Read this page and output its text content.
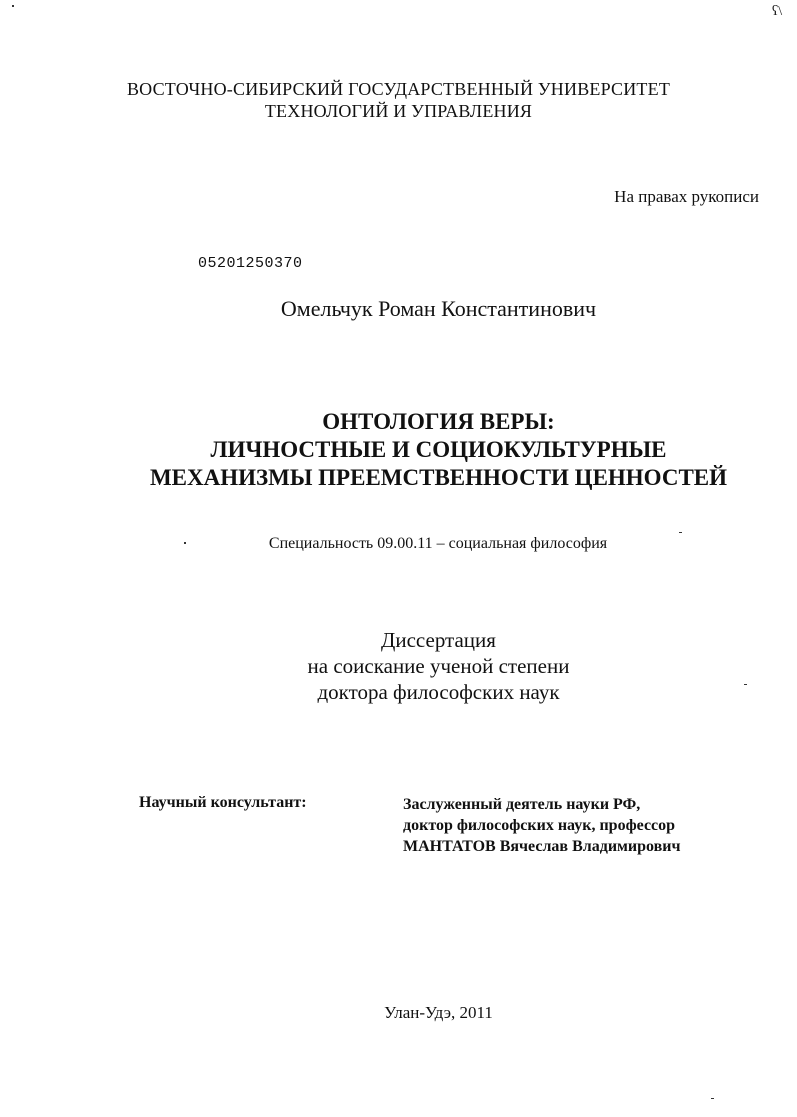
ʕ\
ВОСТОЧНО-СИБИРСКИЙ ГОСУДАРСТВЕННЫЙ УНИВЕРСИТЕТ
ТЕХНОЛОГИЙ И УПРАВЛЕНИЯ
На правах рукописи
05201250370
Омельчук Роман Константинович
ОНТОЛОГИЯ ВЕРЫ:
ЛИЧНОСТНЫЕ И СОЦИОКУЛЬТУРНЫЕ
МЕХАНИЗМЫ ПРЕЕМСТВЕННОСТИ ЦЕННОСТЕЙ
Специальность 09.00.11 – социальная философия
Диссертация
на соискание ученой степени
доктора философских наук
Научный консультант:	Заслуженный деятель науки РФ,
доктор философских наук, профессор
МАНТАТОВ Вячеслав Владимирович
Улан-Удэ, 2011
